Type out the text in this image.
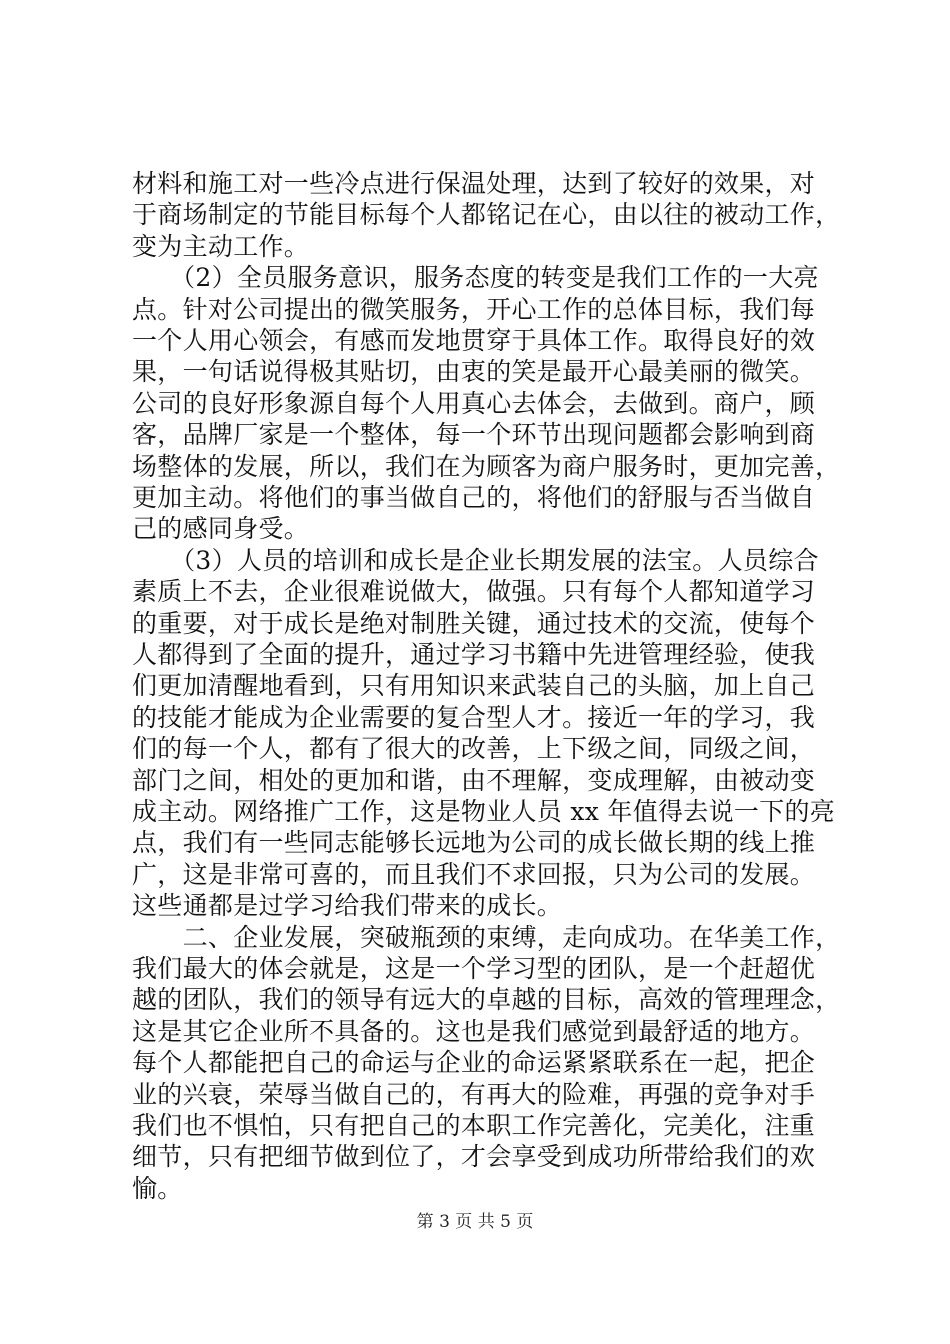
材料和施工对一些冷点进行保温处理，达到了较好的效果，对
于商场制定的节能目标每个人都铭记在心，由以往的被动工作，
变为主动工作。
　　（2）全员服务意识，服务态度的转变是我们工作的一大亮
点。针对公司提出的微笑服务，开心工作的总体目标，我们每
一个人用心领会，有感而发地贯穿于具体工作。取得良好的效
果，一句话说得极其贴切，由衷的笑是最开心最美丽的微笑。
公司的良好形象源自每个人用真心去体会，去做到。商户，顾
客，品牌厂家是一个整体，每一个环节出现问题都会影响到商
场整体的发展，所以，我们在为顾客为商户服务时，更加完善，
更加主动。将他们的事当做自己的，将他们的舒服与否当做自
己的感同身受。
　　（3）人员的培训和成长是企业长期发展的法宝。人员综合
素质上不去，企业很难说做大，做强。只有每个人都知道学习
的重要，对于成长是绝对制胜关键，通过技术的交流，使每个
人都得到了全面的提升，通过学习书籍中先进管理经验，使我
们更加清醒地看到，只有用知识来武装自己的头脑，加上自己
的技能才能成为企业需要的复合型人才。接近一年的学习，我
们的每一个人，都有了很大的改善，上下级之间，同级之间，
部门之间，相处的更加和谐，由不理解，变成理解，由被动变
成主动。网络推广工作，这是物业人员 xx 年值得去说一下的亮
点，我们有一些同志能够长远地为公司的成长做长期的线上推
广，这是非常可喜的，而且我们不求回报，只为公司的发展。
这些通都是过学习给我们带来的成长。
　　二、企业发展，突破瓶颈的束缚，走向成功。在华美工作，
我们最大的体会就是，这是一个学习型的团队，是一个赶超优
越的团队，我们的领导有远大的卓越的目标，高效的管理理念，
这是其它企业所不具备的。这也是我们感觉到最舒适的地方。
每个人都能把自己的命运与企业的命运紧紧联系在一起，把企
业的兴衰，荣辱当做自己的，有再大的险难，再强的竞争对手
我们也不惧怕，只有把自己的本职工作完善化，完美化，注重
细节，只有把细节做到位了，才会享受到成功所带给我们的欢
愉。
第 3 页 共 5 页
